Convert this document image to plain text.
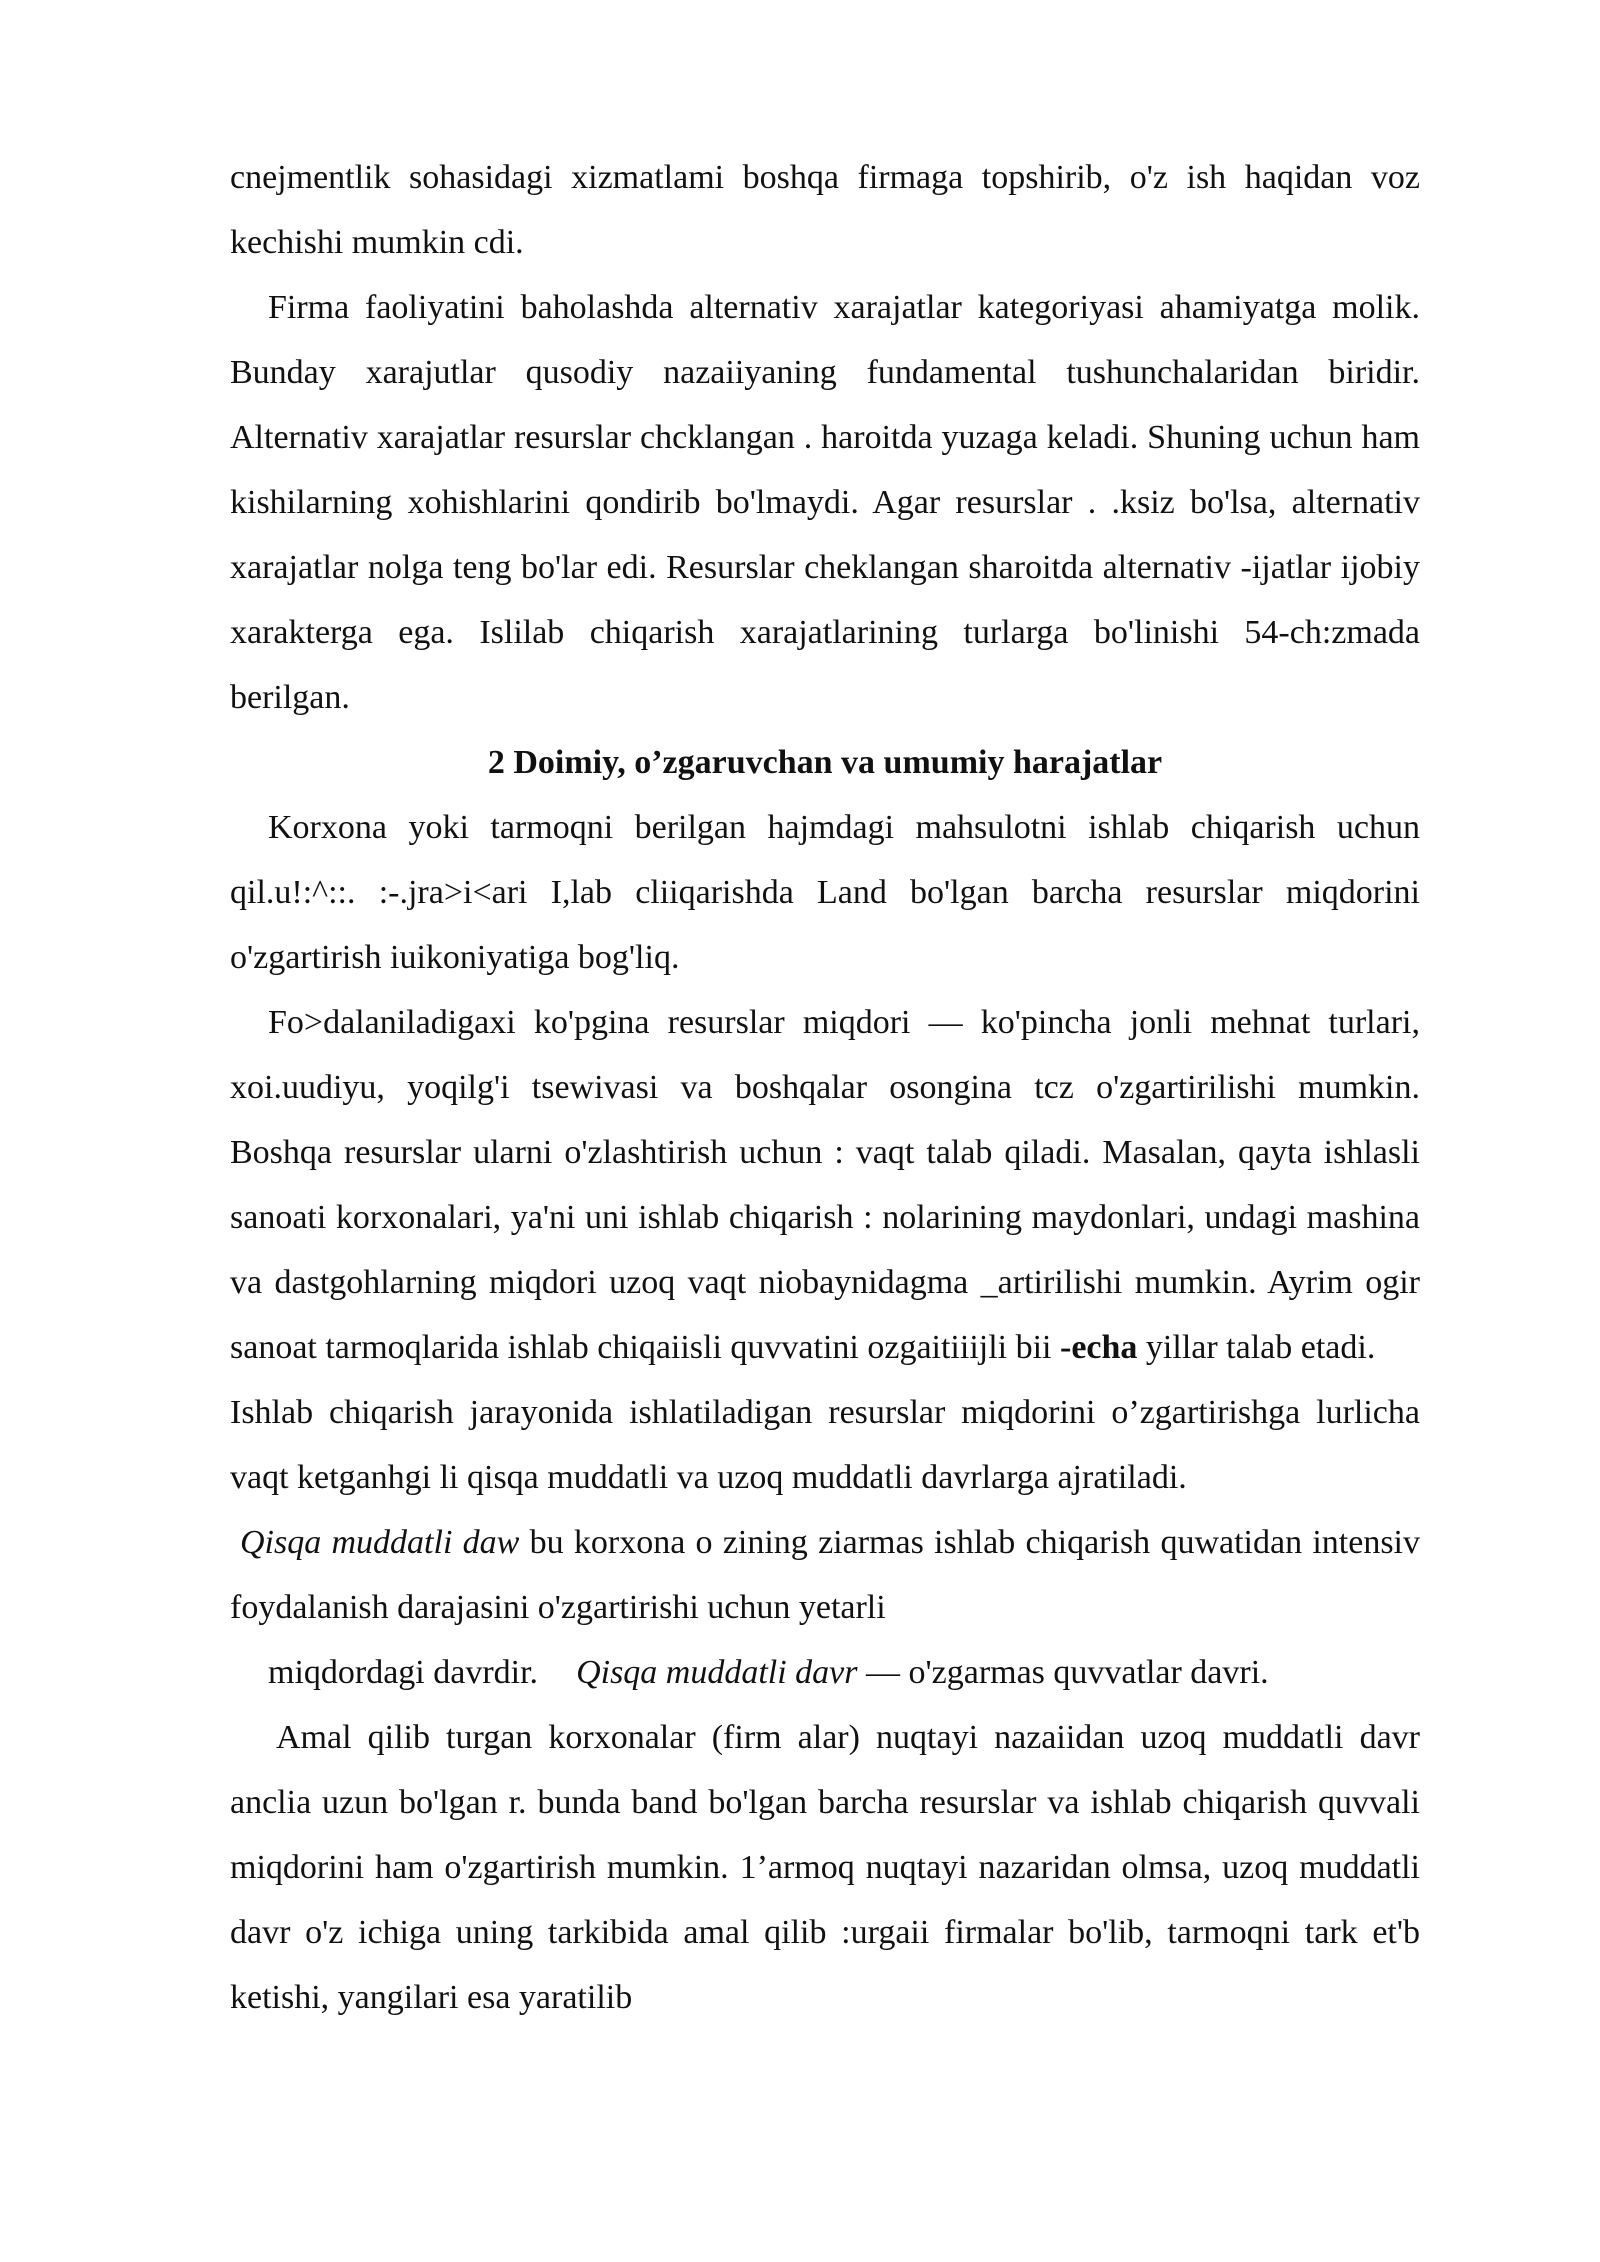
cnejmentlik sohasidagi xizmatlami boshqa firmaga topshirib, o'z ish haqidan voz kechishi mumkin cdi.

Firma faoliyatini baholashda alternativ xarajatlar kategoriyasi ahamiyatga molik. Bunday xarajutlar qusodiy nazaiiyaning fundamental tushunchalaridan biridir. Alternativ xarajatlar resurslar chcklangan . haroitda yuzaga keladi. Shuning uchun ham kishilarning xohishlarini qondirib bo'lmaydi. Agar resurslar . .ksiz bo'lsa, alternativ xarajatlar nolga teng bo'lar edi. Resurslar cheklangan sharoitda alternativ -ijatlar ijobiy xarakterga ega. Islilab chiqarish xarajatlarining turlarga bo'linishi 54-ch:zmada berilgan.

2 Doimiy, o’zgaruvchan va umumiy harajatlar

Korxona yoki tarmoqni berilgan hajmdagi mahsulotni ishlab chiqarish uchun qil.u!:^::. :-.jra>i<ari I,lab cliiqarishda Land bo'lgan barcha resurslar miqdorini o'zgartirish iuikoniyatiga bog'liq.

Fo>dalaniladigaxi ko'pgina resurslar miqdori — ko'pincha jonli mehnat turlari, xoi.uudiyu, yoqilg'i tsewivasi va boshqalar osongina tcz o'zgartirilishi mumkin. Boshqa resurslar ularni o'zlashtirish uchun : vaqt talab qiladi. Masalan, qayta ishlasli sanoati korxonalari, ya'ni uni ishlab chiqarish : nolarining maydonlari, undagi mashina va dastgohlarning miqdori uzoq vaqt niobaynidagma _artirilishi mumkin. Ayrim ogir sanoat tarmoqlarida ishlab chiqaiisli quvvatini ozgaitiiijli bii -echa yillar talab etadi.

Ishlab chiqarish jarayonida ishlatiladigan resurslar miqdorini o’zgartirishga lurlicha vaqt ketganhgi li qisqa muddatli va uzoq muddatli davrlarga ajratiladi.

Qisqa muddatli daw bu korxona o zining ziarmas ishlab chiqarish quwatidan intensiv foydalanish darajasini o'zgartirishi uchun yetarli

miqdordagi davrdir. Qisqa muddatli davr — o'zgarmas quvvatlar davri.

Amal qilib turgan korxonalar (firm alar) nuqtayi nazaiidan uzoq muddatli davr anclia uzun bo'lgan r. bunda band bo'lgan barcha resurslar va ishlab chiqarish quvvali miqdorini ham o'zgartirish mumkin. 1’armoq nuqtayi nazaridan olmsa, uzoq muddatli davr o'z ichiga uning tarkibida amal qilib :urgaii firmalar bo'lib, tarmoqni tark et'b ketishi, yangilari esa yaratilib
